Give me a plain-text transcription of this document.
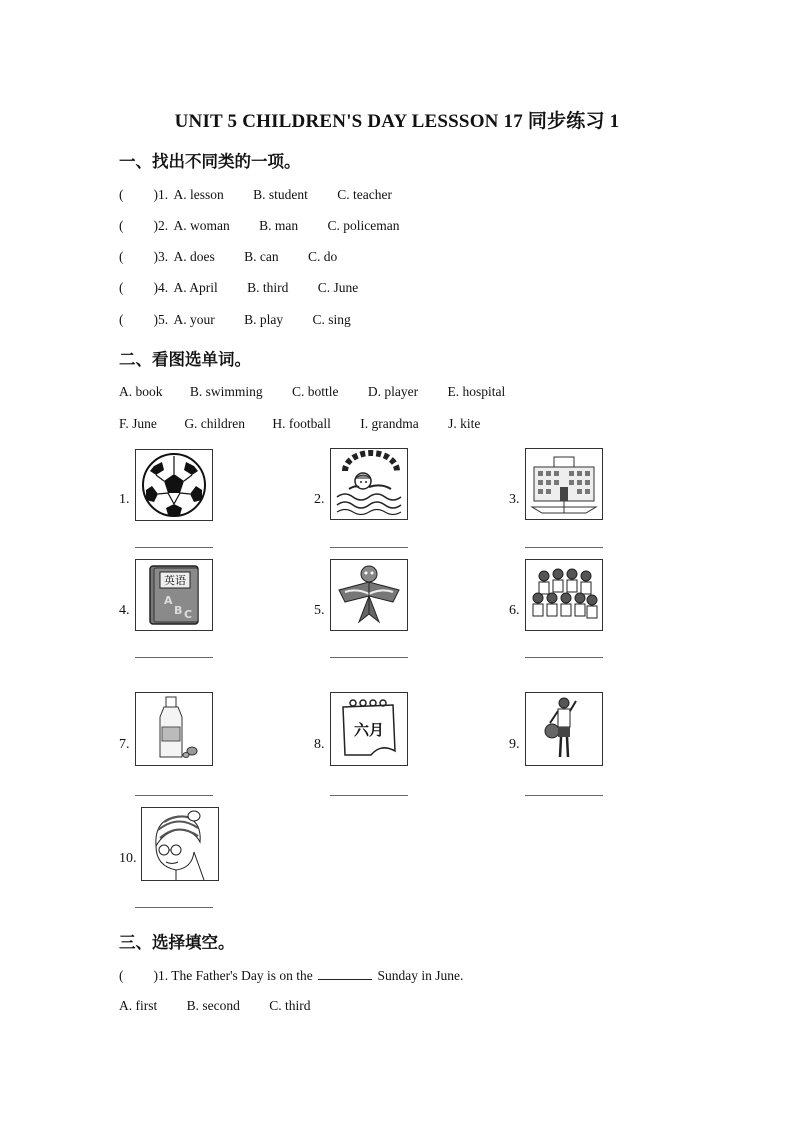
UNIT 5 CHILDREN'S DAY LESSSON 17 同步练习 1
一、找出不同类的一项。
( )1. A. lesson B. student C. teacher
( )2. A. woman B. man C. policeman
( )3. A. does B. can C. do
( )4. A. April B. third C. June
( )5. A. your B. play C. sing
二、看图选单词。
A. book B. swimming C. bottle D. player E. hospital
F. June G. children H. football I. grandma J. kite
1.	2.	3.
4.
英语
A
B C	5.	6.
7.	8.
六月
9.
10.
三、选择填空。
( )1. The Father's Day is on the	Sunday in June.
A. first B. second C. third
